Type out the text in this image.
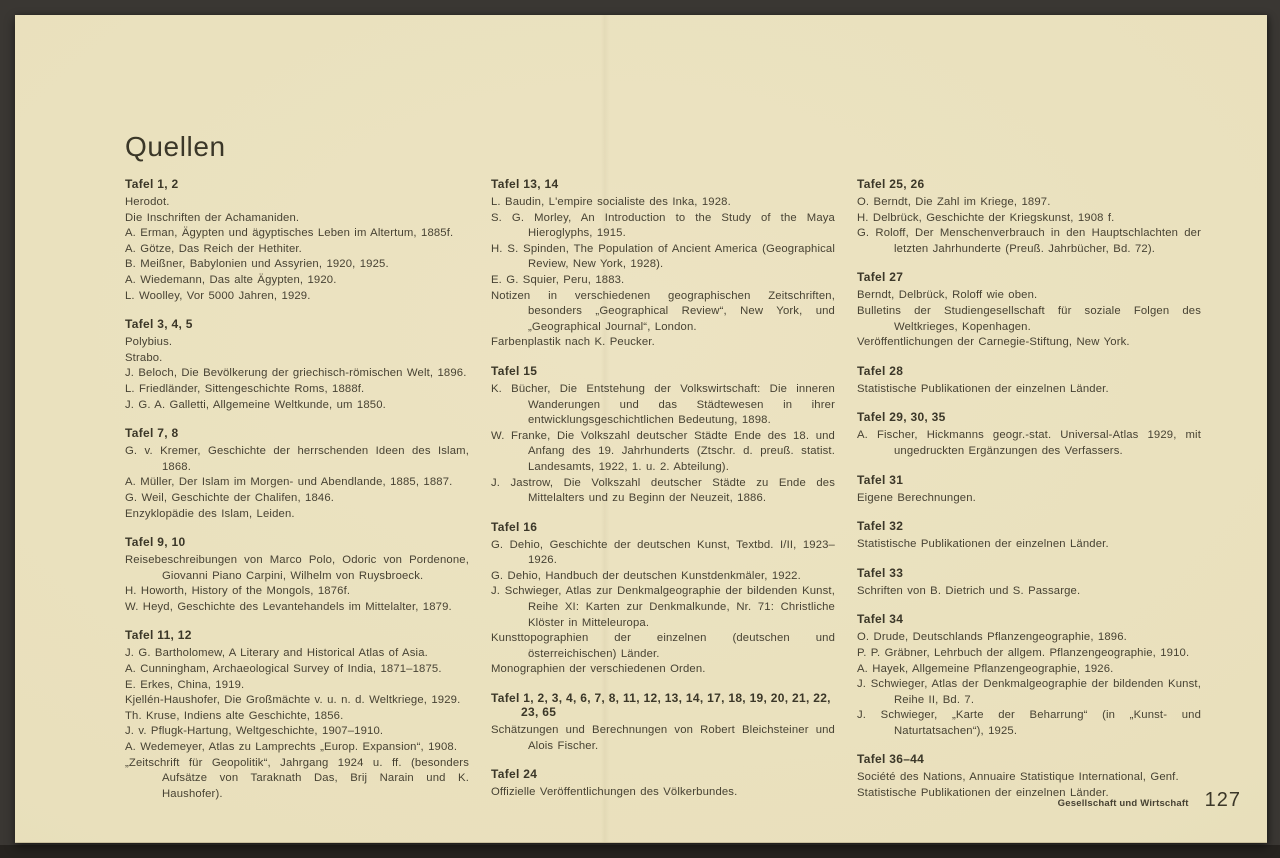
Quellen
Tafel 1, 2

Herodot.

Die Inschriften der Achamaniden.

A. Erman, Ägypten und ägyptisches Leben im Altertum, 1885f.

A. Götze, Das Reich der Hethiter.

B. Meißner, Babylonien und Assyrien, 1920, 1925.

A. Wiedemann, Das alte Ägypten, 1920.

L. Woolley, Vor 5000 Jahren, 1929.

Tafel 3, 4, 5

Polybius.

Strabo.

J. Beloch, Die Bevölkerung der griechisch-römischen Welt, 1896.

L. Friedländer, Sittengeschichte Roms, 1888f.

J. G. A. Galletti, Allgemeine Weltkunde, um 1850.

Tafel 7, 8

G. v. Kremer, Geschichte der herrschenden Ideen des Islam, 1868.

A. Müller, Der Islam im Morgen- und Abendlande, 1885, 1887.

G. Weil, Geschichte der Chalifen, 1846.

Enzyklopädie des Islam, Leiden.

Tafel 9, 10

Reisebeschreibungen von Marco Polo, Odoric von Pordenone, Giovanni Piano Carpini, Wilhelm von Ruysbroeck.

H. Howorth, History of the Mongols, 1876f.

W. Heyd, Geschichte des Levantehandels im Mittelalter, 1879.

Tafel 11, 12

J. G. Bartholomew, A Literary and Historical Atlas of Asia.

A. Cunningham, Archaeological Survey of India, 1871–1875.

E. Erkes, China, 1919.

Kjellén-Haushofer, Die Großmächte v. u. n. d. Weltkriege, 1929.

Th. Kruse, Indiens alte Geschichte, 1856.

J. v. Pflugk-Hartung, Weltgeschichte, 1907–1910.

A. Wedemeyer, Atlas zu Lamprechts „Europ. Expansion“, 1908.

„Zeitschrift für Geopolitik“, Jahrgang 1924 u. ff. (besonders Aufsätze von Taraknath Das, Brij Narain und K. Haushofer).

Tafel 13, 14

L. Baudin, L'empire socialiste des Inka, 1928.

S. G. Morley, An Introduction to the Study of the Maya Hieroglyphs, 1915.

H. S. Spinden, The Population of Ancient America (Geographical Review, New York, 1928).

E. G. Squier, Peru, 1883.

Notizen in verschiedenen geographischen Zeitschriften, besonders „Geographical Review“, New York, und „Geographical Journal“, London.

Farbenplastik nach K. Peucker.

Tafel 15

K. Bücher, Die Entstehung der Volkswirtschaft: Die inneren Wanderungen und das Städtewesen in ihrer entwicklungsgeschichtlichen Bedeutung, 1898.

W. Franke, Die Volkszahl deutscher Städte Ende des 18. und Anfang des 19. Jahrhunderts (Ztschr. d. preuß. statist. Landesamts, 1922, 1. u. 2. Abteilung).

J. Jastrow, Die Volkszahl deutscher Städte zu Ende des Mittelalters und zu Beginn der Neuzeit, 1886.

Tafel 16

G. Dehio, Geschichte der deutschen Kunst, Textbd. I/II, 1923–1926.

G. Dehio, Handbuch der deutschen Kunstdenkmäler, 1922.

J. Schwieger, Atlas zur Denkmalgeographie der bildenden Kunst, Reihe XI: Karten zur Denkmalkunde, Nr. 71: Christliche Klöster in Mitteleuropa.

Kunsttopographien der einzelnen (deutschen und österreichischen) Länder.

Monographien der verschiedenen Orden.

Tafel 1, 2, 3, 4, 6, 7, 8, 11, 12, 13, 14, 17, 18, 19, 20, 21, 22, 23, 65

Schätzungen und Berechnungen von Robert Bleichsteiner und Alois Fischer.

Tafel 24

Offizielle Veröffentlichungen des Völkerbundes.

Tafel 25, 26

O. Berndt, Die Zahl im Kriege, 1897.

H. Delbrück, Geschichte der Kriegskunst, 1908 f.

G. Roloff, Der Menschenverbrauch in den Hauptschlachten der letzten Jahrhunderte (Preuß. Jahrbücher, Bd. 72).

Tafel 27

Berndt, Delbrück, Roloff wie oben.

Bulletins der Studiengesellschaft für soziale Folgen des Weltkrieges, Kopenhagen.

Veröffentlichungen der Carnegie-Stiftung, New York.

Tafel 28

Statistische Publikationen der einzelnen Länder.

Tafel 29, 30, 35

A. Fischer, Hickmanns geogr.-stat. Universal-Atlas 1929, mit ungedruckten Ergänzungen des Verfassers.

Tafel 31

Eigene Berechnungen.

Tafel 32

Statistische Publikationen der einzelnen Länder.

Tafel 33

Schriften von B. Dietrich und S. Passarge.

Tafel 34

O. Drude, Deutschlands Pflanzengeographie, 1896.

P. P. Gräbner, Lehrbuch der allgem. Pflanzengeographie, 1910.

A. Hayek, Allgemeine Pflanzengeographie, 1926.

J. Schwieger, Atlas der Denkmalgeographie der bildenden Kunst, Reihe II, Bd. 7.

J. Schwieger, „Karte der Beharrung“ (in „Kunst- und Naturtatsachen“), 1925.

Tafel 36–44

Société des Nations, Annuaire Statistique International, Genf.

Statistische Publikationen der einzelnen Länder.

Gesellschaft und Wirtschaft 127
